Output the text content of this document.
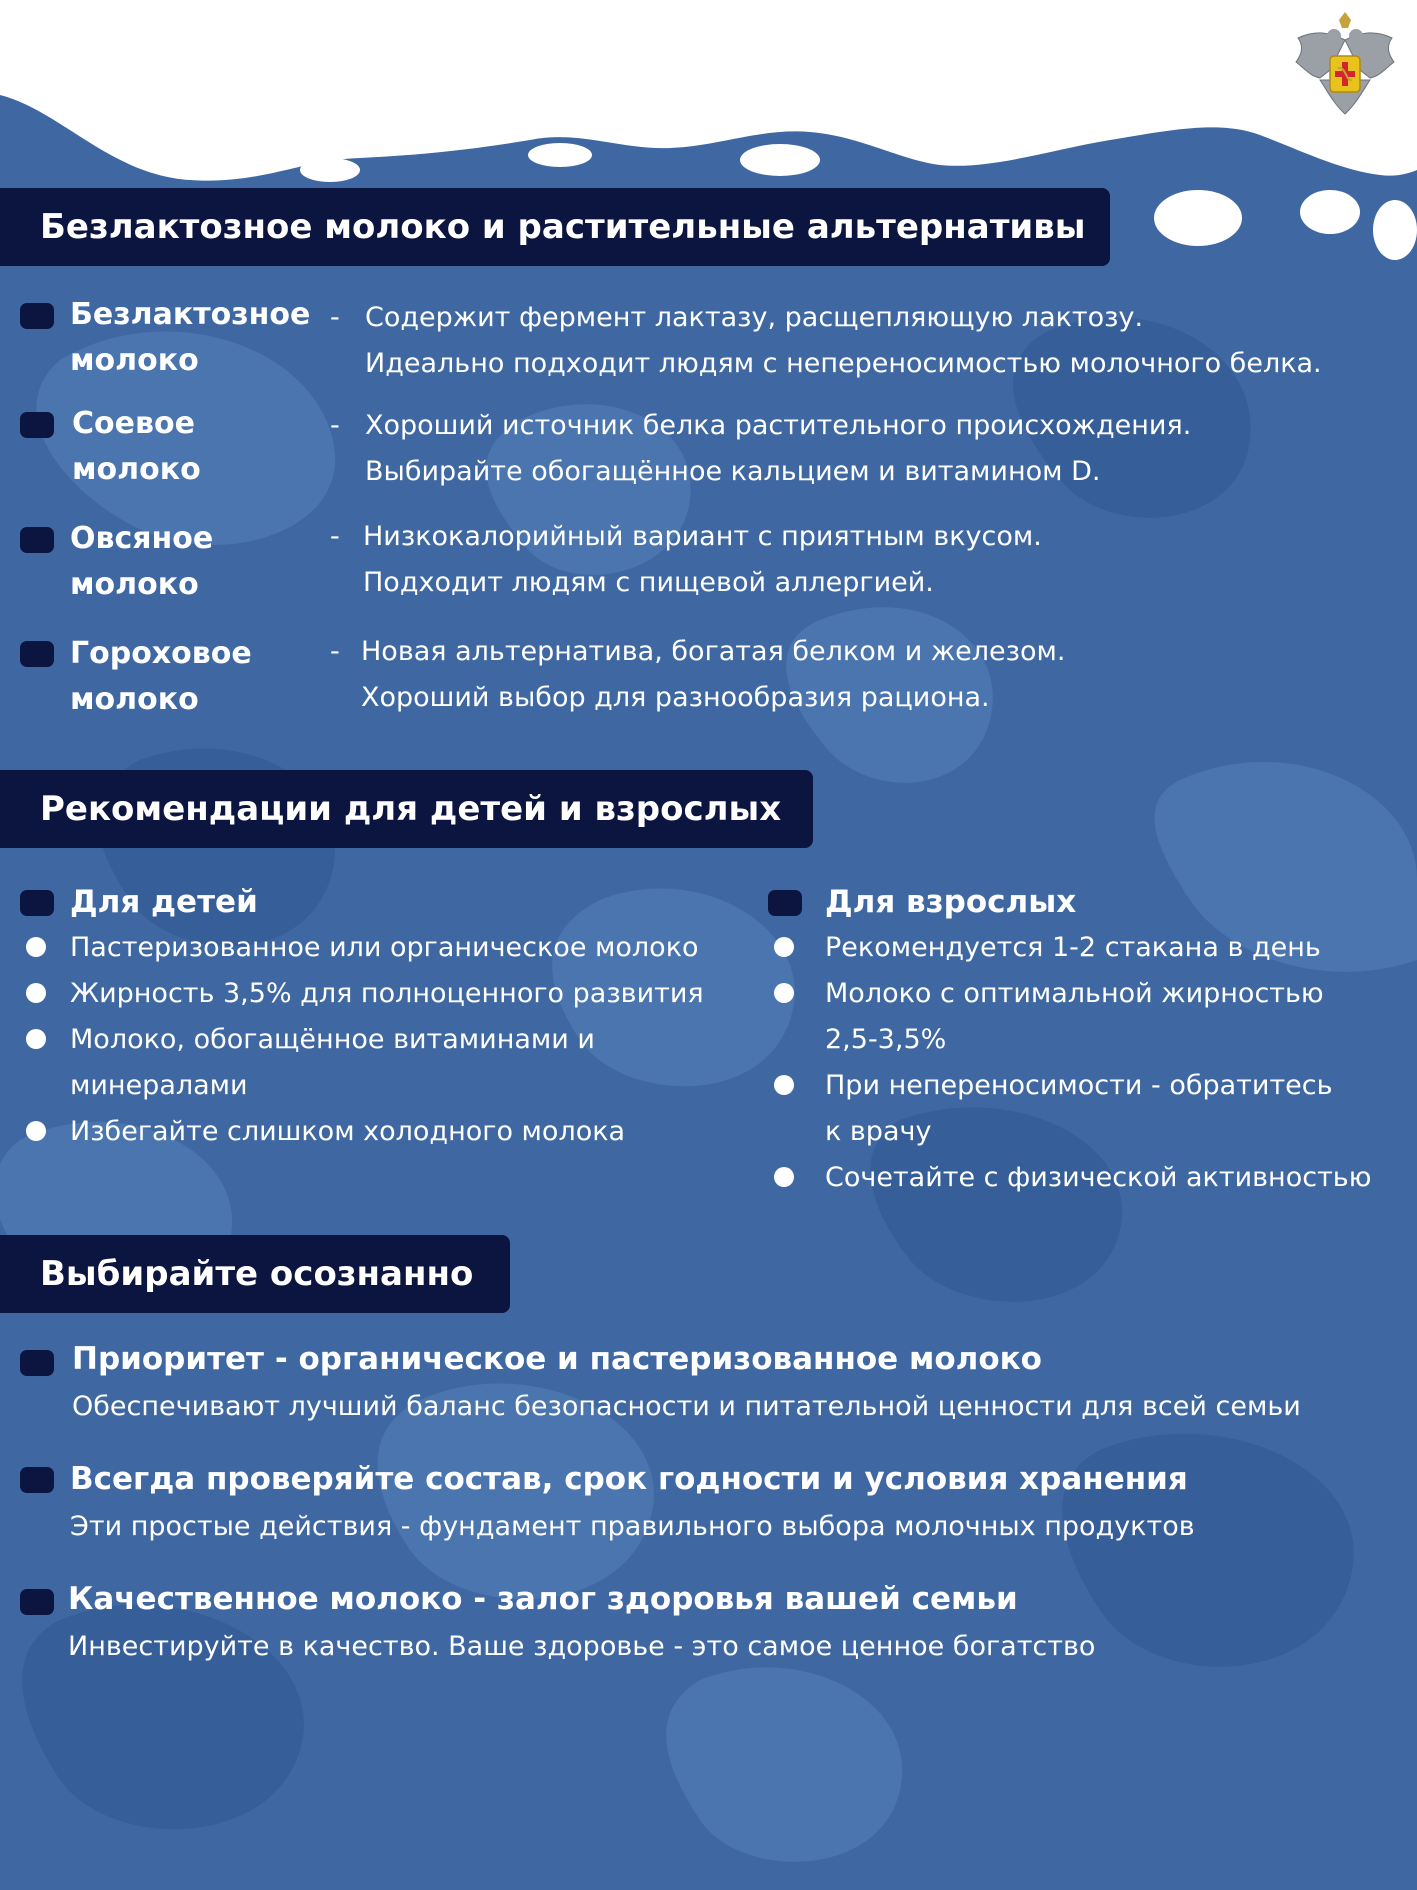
Безлактозное молоко и растительные альтернативы
Безлактозное
молоко
- Содержит фермент лактазу, расщепляющую лактозу.
Идеально подходит людям с непереносимостью молочного белка.
Соевое
молоко
- Хороший источник белка растительного происхождения.
Выбирайте обогащённое кальцием и витамином D.
Овсяное
молоко
- Низкокалорийный вариант с приятным вкусом.
Подходит людям с пищевой аллергией.
Гороховое
молоко
- Новая альтернатива, богатая белком и железом.
Хороший выбор для разнообразия рациона.
Рекомендации для детей и взрослых
Для детей
Пастеризованное или органическое молоко
Жирность 3,5% для полноценного развития
Молоко, обогащённое витаминами и
минералами
Избегайте слишком холодного молока
Для взрослых
Рекомендуется 1-2 стакана в день
Молоко с оптимальной жирностью
2,5-3,5%
При непереносимости - обратитесь
к врачу
Сочетайте с физической активностью
Выбирайте осознанно
Приоритет - органическое и пастеризованное молоко
Обеспечивают лучший баланс безопасности и питательной ценности для всей семьи
Всегда проверяйте состав, срок годности и условия хранения
Эти простые действия - фундамент правильного выбора молочных продуктов
Качественное молоко - залог здоровья вашей семьи
Инвестируйте в качество. Ваше здоровье - это самое ценное богатство
